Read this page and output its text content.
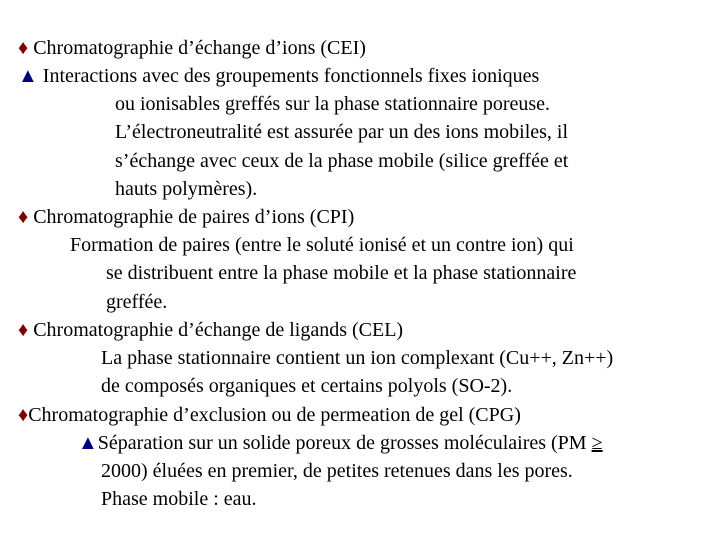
♦ Chromatographie d’échange d’ions (CEI)
▲ Interactions avec des groupements fonctionnels fixes ioniques
ou ionisables greffés sur la phase stationnaire poreuse.
L’électroneutralité est assurée par un des ions mobiles, il
s’échange avec ceux de la phase mobile (silice greffée et
hauts polymères).
♦ Chromatographie de paires d’ions (CPI)
Formation de paires (entre le soluté ionisé et un contre ion) qui
se distribuent entre la phase mobile et la phase stationnaire
greffée.
♦ Chromatographie d’échange de ligands (CEL)
La phase stationnaire contient un ion complexant (Cu++, Zn++)
de composés organiques et certains polyols (SO-2).
♦Chromatographie d’exclusion ou de permeation de gel (CPG)
▲Séparation sur un solide poreux de grosses moléculaires (PM ≥
2000) éluées en premier, de petites retenues dans les pores.
Phase mobile : eau.
